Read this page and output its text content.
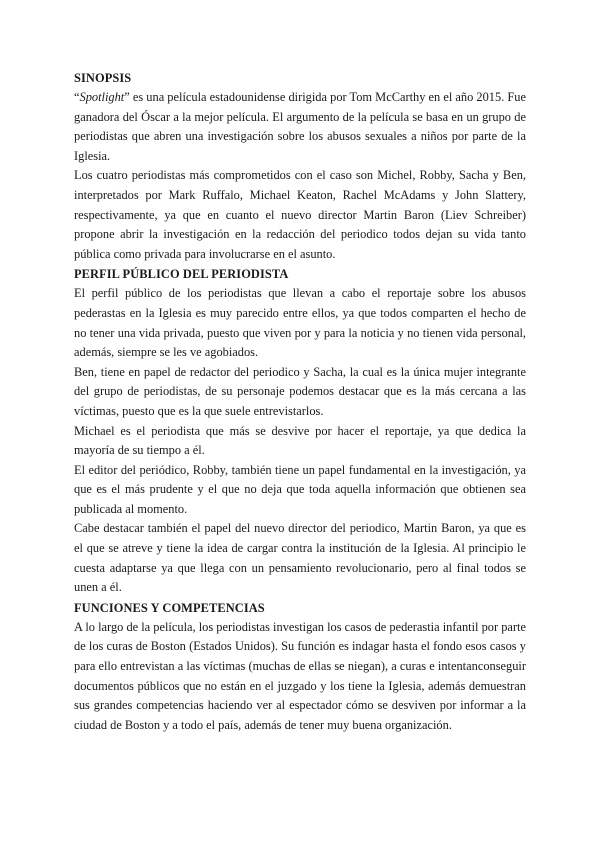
SINOPSIS

“Spotlight” es una película estadounidense dirigida por Tom McCarthy en el año 2015. Fue ganadora del Óscar a la mejor película. El argumento de la película se basa en un grupo de periodistas que abren una investigación sobre los abusos sexuales a niños por parte de la Iglesia.

Los cuatro periodistas más comprometidos con el caso son Michel, Robby, Sacha y Ben, interpretados por Mark Ruffalo, Michael Keaton, Rachel McAdams y John Slattery, respectivamente, ya que en cuanto el nuevo director Martin Baron (Liev Schreiber) propone abrir la investigación en la redacción del periodico todos dejan su vida tanto pública como privada para involucrarse en el asunto.

PERFIL PÚBLICO DEL PERIODISTA

El perfil público de los periodistas que llevan a cabo el reportaje sobre los abusos pederastas en la Iglesia es muy parecido entre ellos, ya que todos comparten el hecho de no tener una vida privada, puesto que viven por y para la noticia y no tienen vida personal, además, siempre se les ve agobiados.

Ben, tiene en papel de redactor del periodico y Sacha, la cual es la única mujer integrante del grupo de periodistas, de su personaje podemos destacar que es la más cercana a las víctimas, puesto que es la que suele entrevistarlos.

Michael es el periodista que más se desvive por hacer el reportaje, ya que dedica la mayoría de su tiempo a él.

El editor del periódico, Robby, también tiene un papel fundamental en la investigación, ya que es el más prudente y el que no deja que toda aquella información que obtienen sea publicada al momento.

Cabe destacar también el papel del nuevo director del periodico, Martin Baron, ya que es el que se atreve y tiene la idea de cargar contra la institución de la Iglesia. Al principio le cuesta adaptarse ya que llega con un pensamiento revolucionario, pero al final todos se unen a él.

FUNCIONES Y COMPETENCIAS

A lo largo de la película, los periodistas investigan los casos de pederastia infantil por parte de los curas de Boston (Estados Unidos). Su función es indagar hasta el fondo esos casos y para ello entrevistan a las víctimas (muchas de ellas se niegan), a curas e intentanconseguir documentos públicos que no están en el juzgado y los tiene la Iglesia, además demuestran sus grandes competencias haciendo ver al espectador cómo se desviven por informar a la ciudad de Boston y a todo el país, además de tener muy buena organización.
